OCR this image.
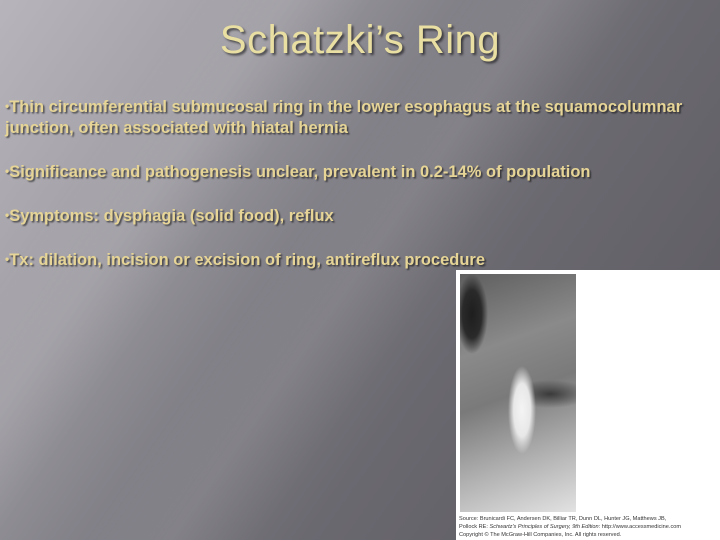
Schatzki’s Ring
•Thin circumferential submucosal ring in the lower esophagus at the squamocolumnar junction, often associated with hiatal hernia
•Significance and pathogenesis unclear, prevalent in 0.2-14% of population
•Symptoms: dysphagia (solid food), reflux
•Tx: dilation, incision or excision of ring, antireflux procedure
Source: Brunicardi FC, Andersen DK, Billiar TR, Dunn DL, Hunter JG, Matthews JB,
Pollock RE: Schwartz's Principles of Surgery, 9th Edition: http://www.accessmedicine.com
Copyright © The McGraw-Hill Companies, Inc. All rights reserved.
